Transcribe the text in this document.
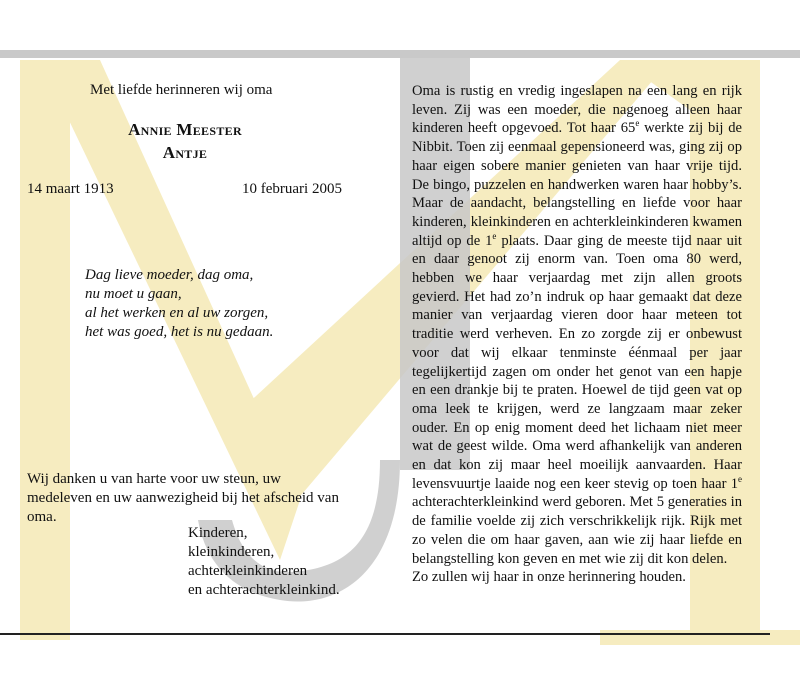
Met liefde herinneren wij oma
Annie Meester
Antje
14 maart 1913	10 februari 2005
Dag lieve moeder, dag oma,
nu moet u gaan,
al het werken en al uw zorgen,
het was goed, het is nu gedaan.
Wij danken u van harte voor uw steun, uw medeleven en uw aanwezigheid bij het afscheid van oma.
Kinderen,
kleinkinderen,
achterkleinkinderen
en achterachterkleinkind.

Oma is rustig en vredig ingeslapen na een lang en rijk leven. Zij was een moeder, die nagenoeg alleen haar kinderen heeft opgevoed. Tot haar 65e werkte zij bij de Nibbit. Toen zij eenmaal gepensioneerd was, ging zij op haar eigen sobere manier genieten van haar vrije tijd. De bingo, puzzelen en handwerken waren haar hobby’s. Maar de aandacht, belangstelling en liefde voor haar kinderen, kleinkinderen en achterkleinkinderen kwamen altijd op de 1e plaats. Daar ging de meeste tijd naar uit en daar genoot zij enorm van. Toen oma 80 werd, hebben we haar verjaardag met zijn allen groots gevierd. Het had zo’n indruk op haar gemaakt dat deze manier van verjaardag vieren door haar meteen tot traditie werd verheven. En zo zorgde zij er onbewust voor dat wij elkaar tenminste éénmaal per jaar tegelijkertijd zagen om onder het genot van een hapje en een drankje bij te praten. Hoewel de tijd geen vat op oma leek te krijgen, werd ze langzaam maar zeker ouder. En op enig moment deed het lichaam niet meer wat de geest wilde. Oma werd afhankelijk van anderen en dat kon zij maar heel moeilijk aanvaarden. Haar levensvuurtje laaide nog een keer stevig op toen haar 1e achterachterkleinkind werd geboren. Met 5 generaties in de familie voelde zij zich verschrikkelijk rijk. Rijk met zo velen die om haar gaven, aan wie zij haar liefde en belangstelling kon geven en met wie zij dit kon delen.

Zo zullen wij haar in onze herinnering houden.
